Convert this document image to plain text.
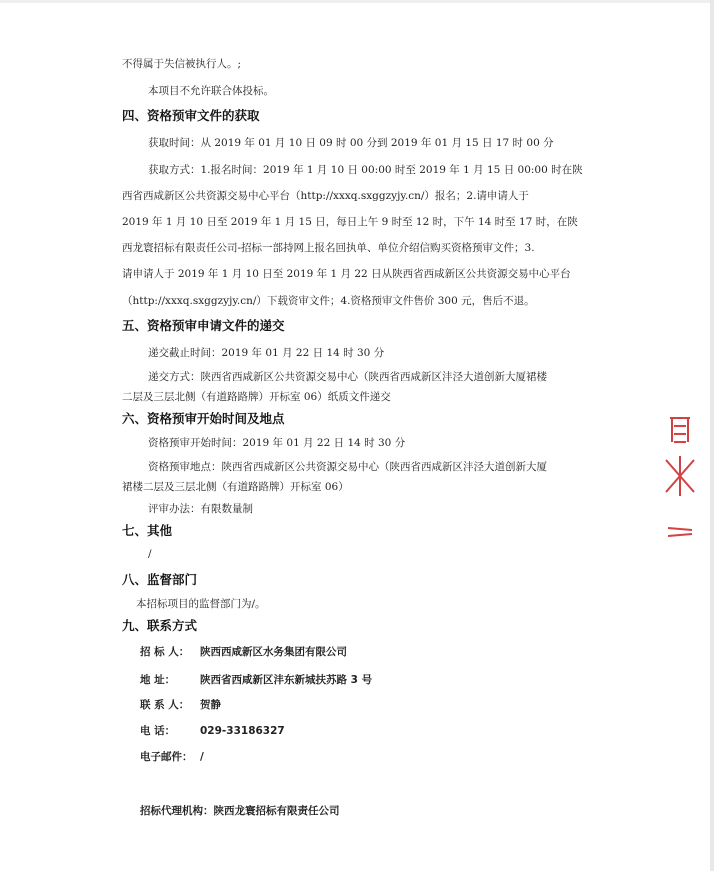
不得属于失信被执行人。;
本项目不允许联合体投标。
四、资格预审文件的获取
获取时间：从 2019 年 01 月 10 日 09 时 00 分到 2019 年 01 月 15 日 17 时 00 分
获取方式：1.报名时间：2019 年 1 月 10 日 00:00 时至 2019 年 1 月 15 日 00:00 时在陕
西省西咸新区公共资源交易中心平台（http://xxxq.sxggzyjy.cn/）报名；2.请申请人于
2019 年 1 月 10 日至 2019 年 1 月 15 日，每日上午 9 时至 12 时，下午 14 时至 17 时，在陕
西龙寰招标有限责任公司-招标一部持网上报名回执单、单位介绍信购买资格预审文件；3.
请申请人于 2019 年 1 月 10 日至 2019 年 1 月 22 日从陕西省西咸新区公共资源交易中心平台
（http://xxxq.sxggzyjy.cn/）下载资审文件；4.资格预审文件售价 300 元，售后不退。
五、资格预审申请文件的递交
递交截止时间：2019 年 01 月 22 日 14 时 30 分
递交方式：陕西省西咸新区公共资源交易中心（陕西省西咸新区沣泾大道创新大厦裙楼
二层及三层北侧（有道路路牌）开标室 06）纸质文件递交
六、资格预审开始时间及地点
资格预审开始时间：2019 年 01 月 22 日 14 时 30 分
资格预审地点：陕西省西咸新区公共资源交易中心（陕西省西咸新区沣泾大道创新大厦
裙楼二层及三层北侧（有道路路牌）开标室 06）
评审办法：有限数量制
七、其他
/
八、监督部门
本招标项目的监督部门为/。
九、联系方式
招 标 人： 陕西西咸新区水务集团有限公司
地 址： 陕西省西咸新区沣东新城扶苏路 3 号
联 系 人： 贺静
电 话： 029-33186327
电子邮件： /
招标代理机构：陕西龙寰招标有限责任公司
